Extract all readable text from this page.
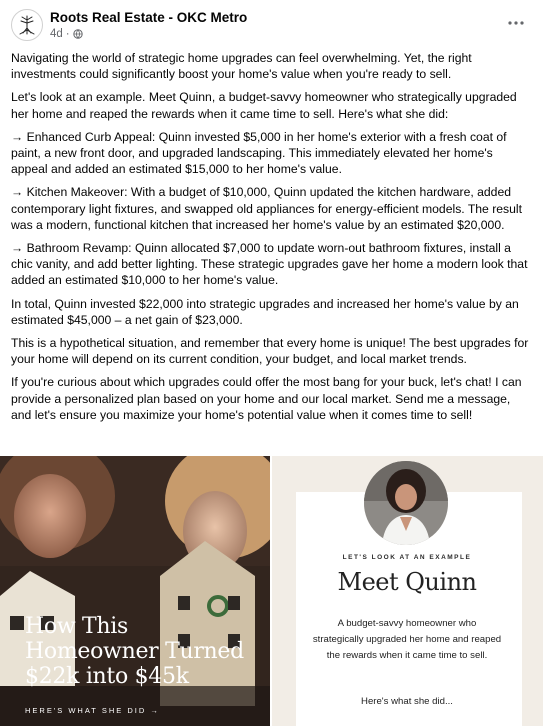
Roots Real Estate - OKC Metro
4d ·

Navigating the world of strategic home upgrades can feel overwhelming. Yet, the right investments could significantly boost your home's value when you're ready to sell.

Let's look at an example. Meet Quinn, a budget-savvy homeowner who strategically upgraded her home and reaped the rewards when it came time to sell. Here's what she did:

→ Enhanced Curb Appeal: Quinn invested $5,000 in her home's exterior with a fresh coat of paint, a new front door, and upgraded landscaping. This immediately elevated her home's appeal and added an estimated $15,000 to her home's value.

→ Kitchen Makeover: With a budget of $10,000, Quinn updated the kitchen hardware, added contemporary light fixtures, and swapped old appliances for energy-efficient models. The result was a modern, functional kitchen that increased her home's value by an estimated $20,000.

→ Bathroom Revamp: Quinn allocated $7,000 to update worn-out bathroom fixtures, install a chic vanity, and add better lighting. These strategic upgrades gave her home a modern look that added an estimated $10,000 to her home's value.

In total, Quinn invested $22,000 into strategic upgrades and increased her home's value by an estimated $45,000 – a net gain of $23,000.

This is a hypothetical situation, and remember that every home is unique! The best upgrades for your home will depend on its current condition, your budget, and local market trends.

If you're curious about which upgrades could offer the most bang for your buck, let's chat! I can provide a personalized plan based on your home and our local market. Send me a message, and let's ensure you maximize your home's potential value when it comes time to sell!

How This
Homeowner Turned
$22k into $45k
HERE'S WHAT SHE DID →
LET'S LOOK AT AN EXAMPLE
Meet Quinn
A budget-savvy homeowner who strategically upgraded her home and reaped the rewards when it came time to sell.
Here's what she did...
